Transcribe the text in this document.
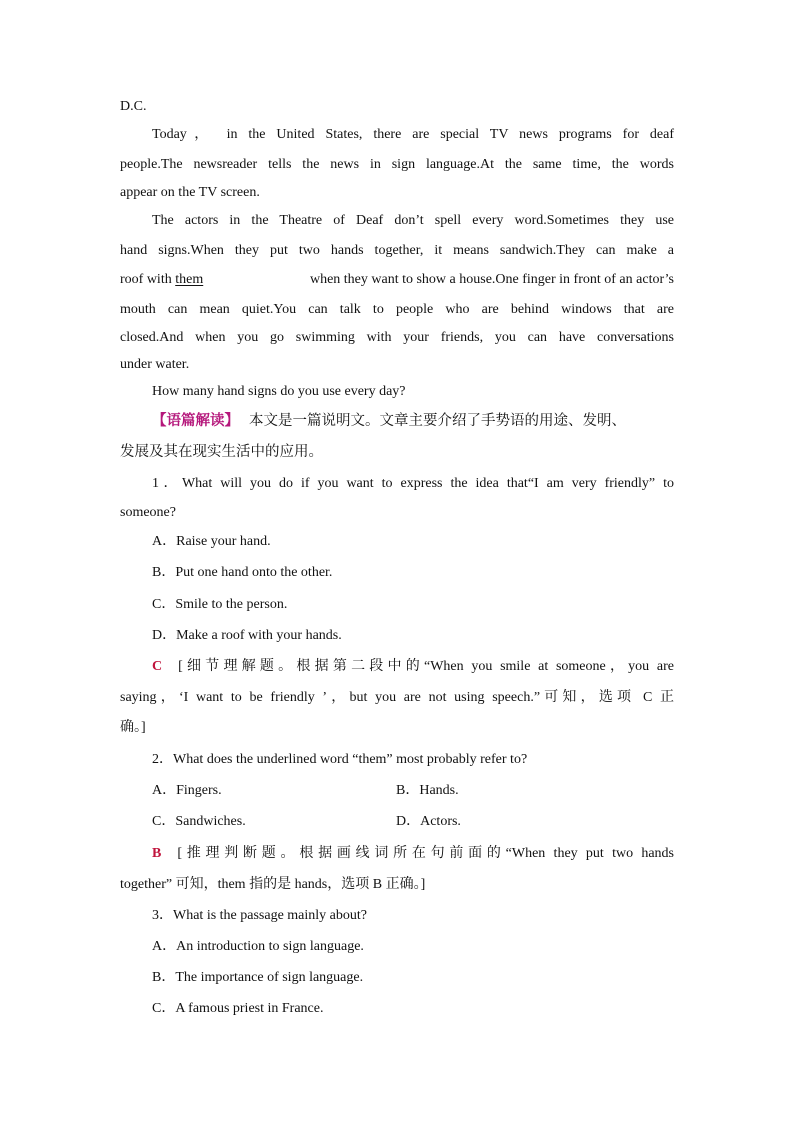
D.C.
Today， in the United States, there are special TV news programs for deaf
people.The newsreader tells the news in sign language.At the same time, the words
appear on the TV screen.
The actors in the Theatre of Deaf don’t spell every word.Sometimes they use
hand signs.When they put two hands together, it means sandwich.They can make a
roof with them	when they want to show a house.One finger in front of an actor’s
mouth can mean quiet.You can talk to people who are behind windows that are
closed.And when you go swimming with your friends, you can have conversations
under water.
How many hand signs do you use every day?
【语篇解读】 本文是一篇说明文。文章主要介绍了手势语的用途、发明、
发展及其在现实生活中的应用。
1．What will you do if you want to express the idea that“I am very friendly” to
someone?
A．Raise your hand.
B．Put one hand onto the other.
C．Smile to the person.
D．Make a roof with your hands.
C [细节理解题。根据第二段中的“When you smile at someone，you are
saying，‘I want to be friendly ’，but you are not using speech.”可知，选项 C 正
确。]
2．What does the underlined word “them” most probably refer to?
A．Fingers.	B．Hands.
C．Sandwiches.	D．Actors.
B [推理判断题。根据画线词所在句前面的“When they put two hands
together” 可知，them 指的是 hands，选项 B 正确。]
3．What is the passage mainly about?
A．An introduction to sign language.
B．The importance of sign language.
C．A famous priest in France.
